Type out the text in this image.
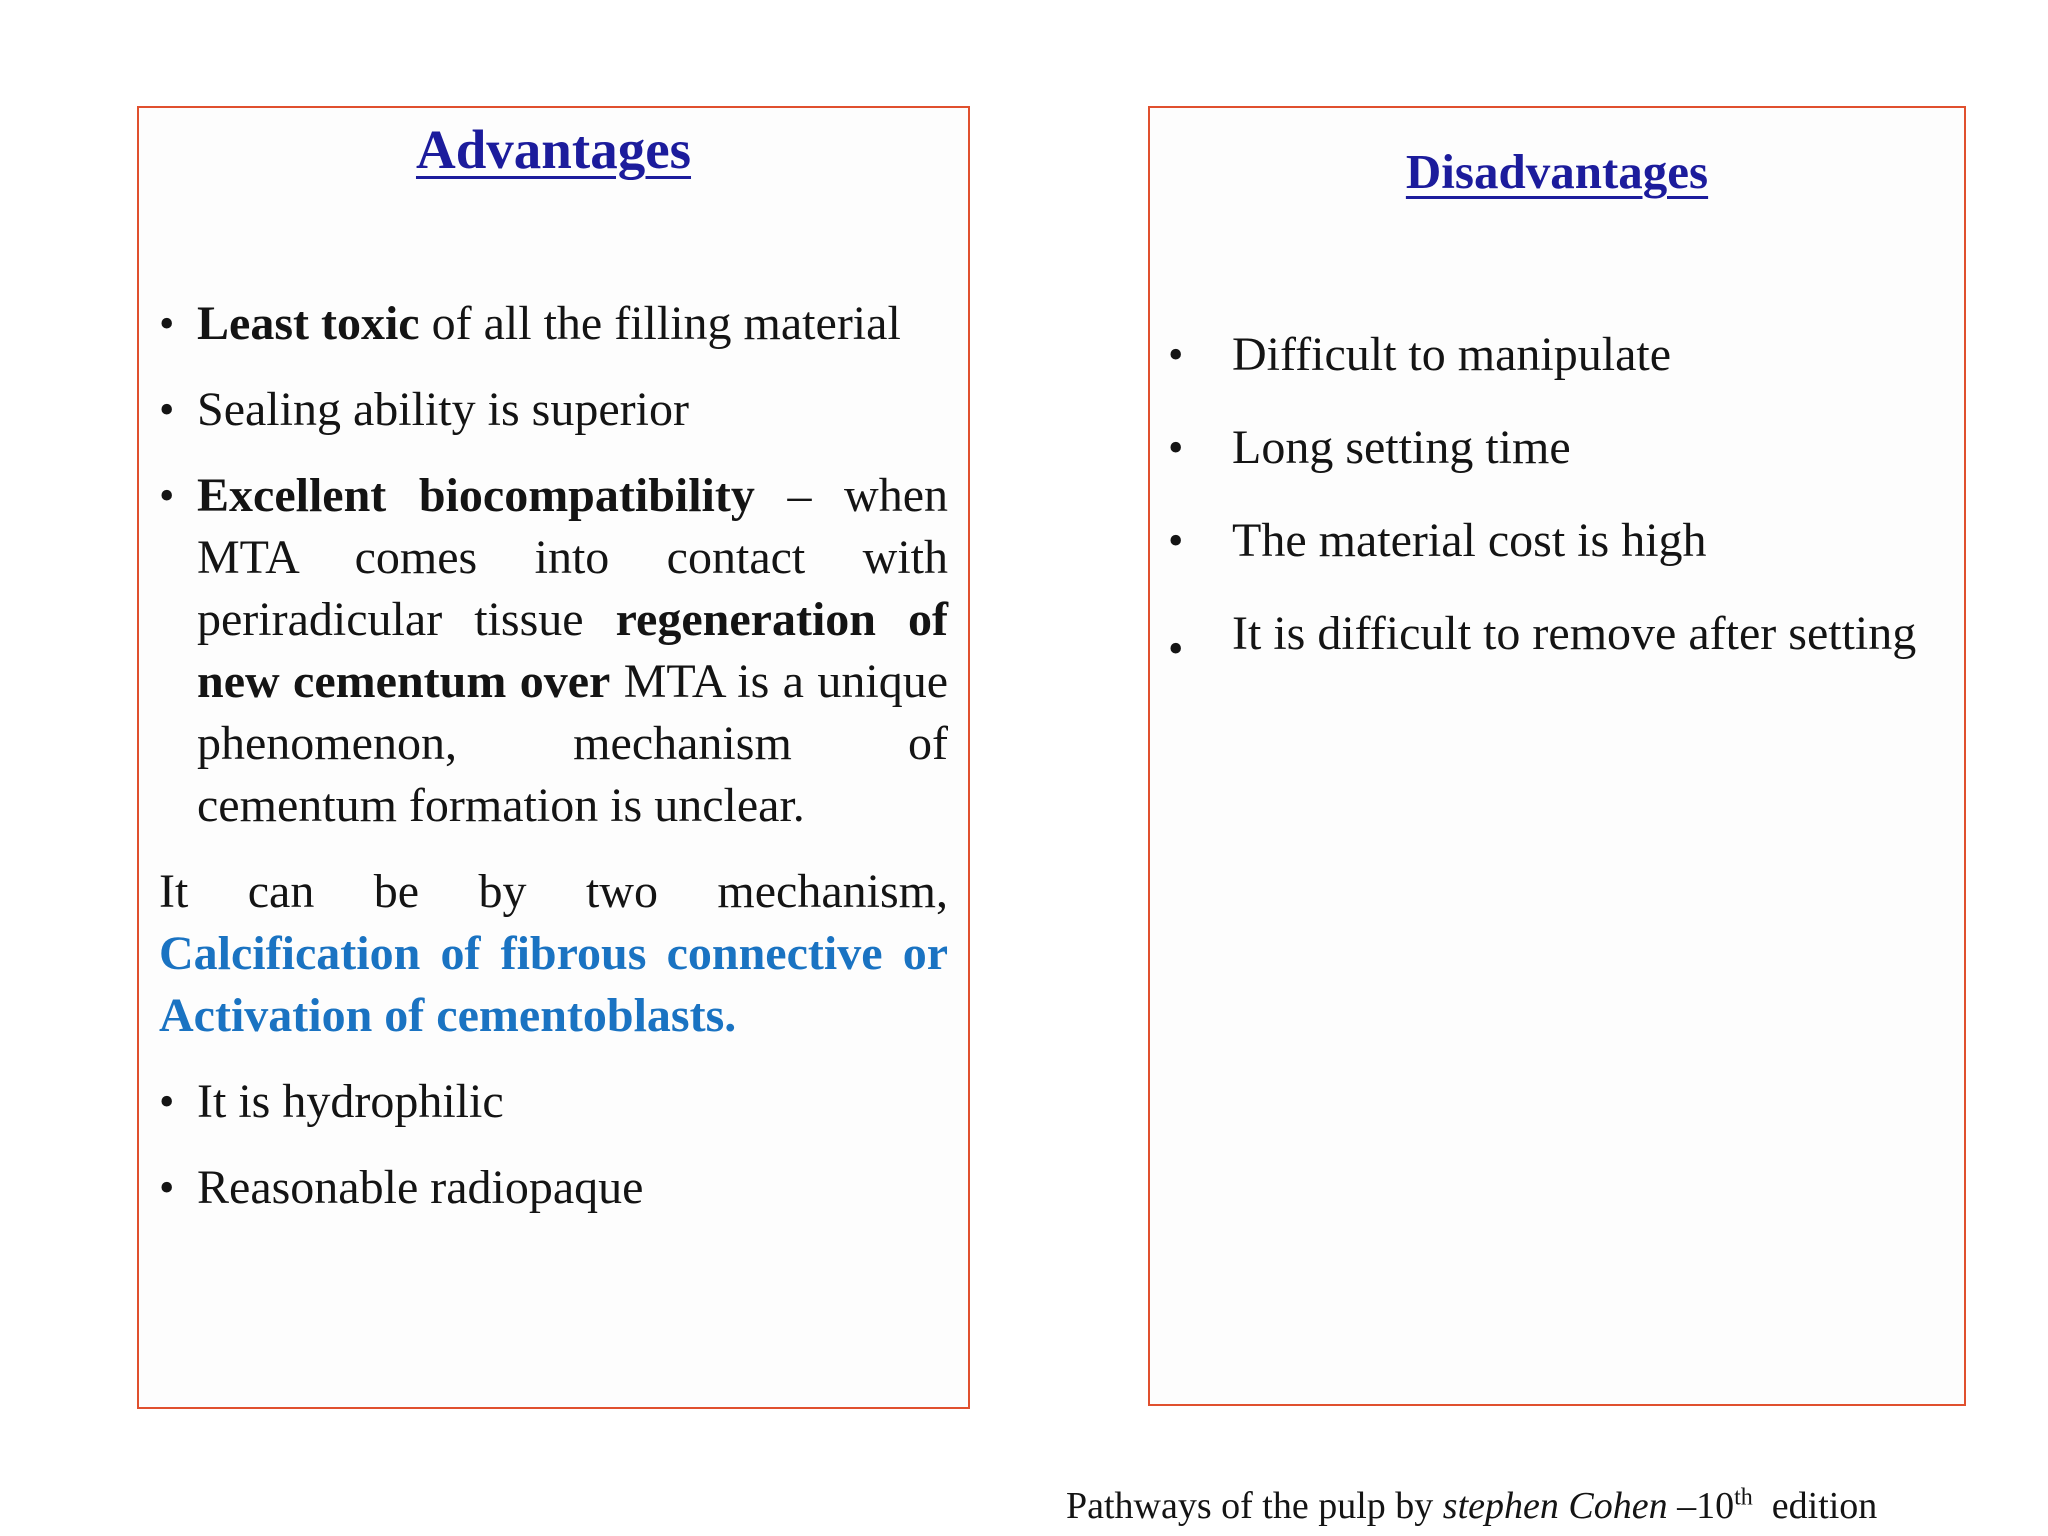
Advantages
• Least toxic of all the filling material
• Sealing ability is superior
• Excellent biocompatibility – when MTA comes into contact with periradicular tissue regeneration of new cementum over MTA is a unique phenomenon, mechanism of cementum formation is unclear.

It can be by two mechanism, Calcification of fibrous connective or Activation of cementoblasts.

• It is hydrophilic
• Reasonable radiopaque
Disadvantages
• Difficult to manipulate
• Long setting time
• The material cost is high
• It is difficult to remove after setting
Pathways of the pulp by stephen Cohen –10th  edition
